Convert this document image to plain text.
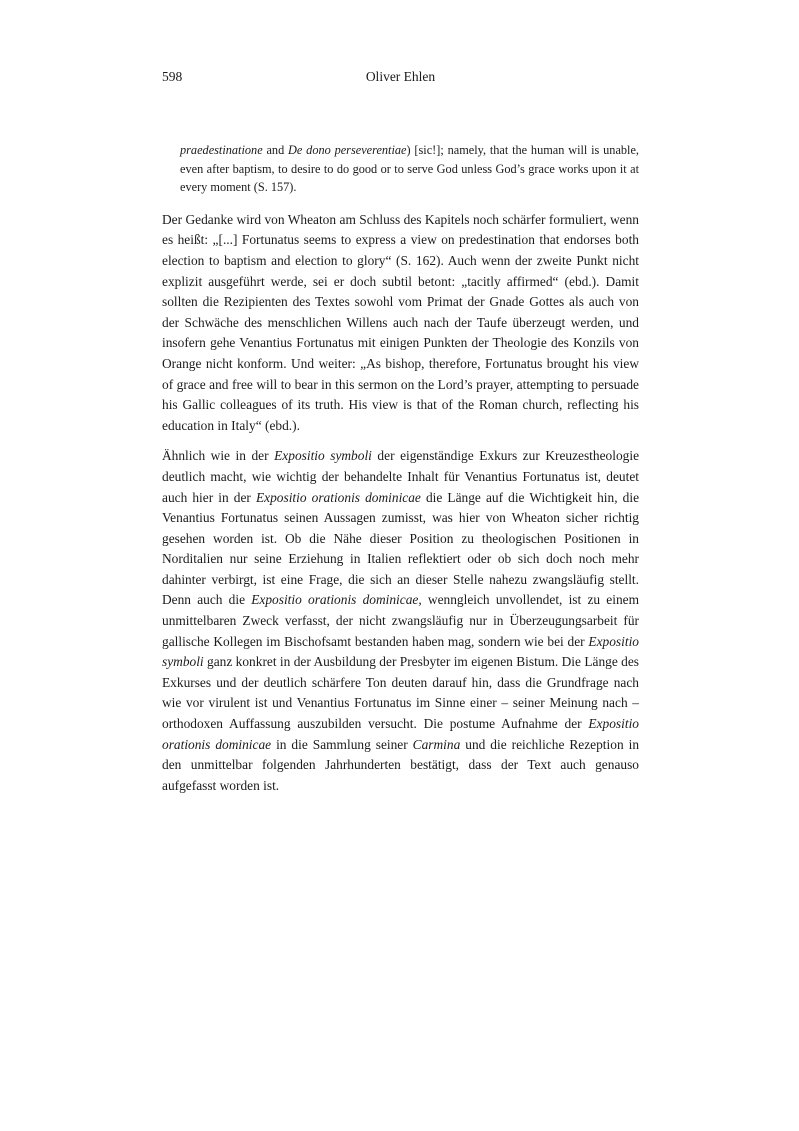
598	Oliver Ehlen
praedestinatione and De dono perseverentiae) [sic!]; namely, that the human will is unable, even after baptism, to desire to do good or to serve God unless God’s grace works upon it at every moment (S. 157).

Der Gedanke wird von Wheaton am Schluss des Kapitels noch schärfer formuliert, wenn es heißt: „[...] Fortunatus seems to express a view on predestination that endorses both election to baptism and election to glory“ (S. 162). Auch wenn der zweite Punkt nicht explizit ausgeführt werde, sei er doch subtil betont: „tacitly affirmed“ (ebd.). Damit sollten die Rezipienten des Textes sowohl vom Primat der Gnade Gottes als auch von der Schwäche des menschlichen Willens auch nach der Taufe überzeugt werden, und insofern gehe Venantius Fortunatus mit einigen Punkten der Theologie des Konzils von Orange nicht konform. Und weiter: „As bishop, therefore, Fortunatus brought his view of grace and free will to bear in this sermon on the Lord’s prayer, attempting to persuade his Gallic colleagues of its truth. His view is that of the Roman church, reflecting his education in Italy“ (ebd.).

Ähnlich wie in der Expositio symboli der eigenständige Exkurs zur Kreuzestheologie deutlich macht, wie wichtig der behandelte Inhalt für Venantius Fortunatus ist, deutet auch hier in der Expositio orationis dominicae die Länge auf die Wichtigkeit hin, die Venantius Fortunatus seinen Aussagen zumisst, was hier von Wheaton sicher richtig gesehen worden ist. Ob die Nähe dieser Position zu theologischen Positionen in Norditalien nur seine Erziehung in Italien reflektiert oder ob sich doch noch mehr dahinter verbirgt, ist eine Frage, die sich an dieser Stelle nahezu zwangsläufig stellt. Denn auch die Expositio orationis dominicae, wenngleich unvollendet, ist zu einem unmittelbaren Zweck verfasst, der nicht zwangsläufig nur in Überzeugungsarbeit für gallische Kollegen im Bischofsamt bestanden haben mag, sondern wie bei der Expositio symboli ganz konkret in der Ausbildung der Presbyter im eigenen Bistum. Die Länge des Exkurses und der deutlich schärfere Ton deuten darauf hin, dass die Grundfrage nach wie vor virulent ist und Venantius Fortunatus im Sinne einer – seiner Meinung nach – orthodoxen Auffassung auszubilden versucht. Die postume Aufnahme der Expositio orationis dominicae in die Sammlung seiner Carmina und die reichliche Rezeption in den unmittelbar folgenden Jahrhunderten bestätigt, dass der Text auch genauso aufgefasst worden ist.
